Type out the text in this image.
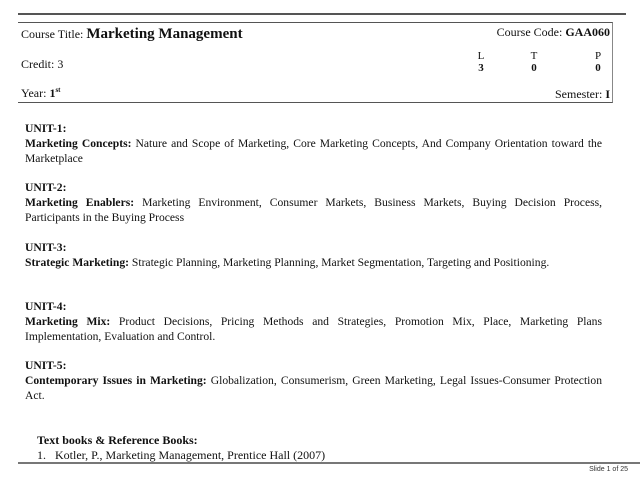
Course Title: Marketing Management	Course Code: GAA060
Credit: 3
L
3
T
0
P
0
Year: 1st	Semester: I
UNIT-1:
Marketing Concepts: Nature and Scope of Marketing, Core Marketing Concepts, And Company Orientation toward the Marketplace
UNIT-2:
Marketing Enablers: Marketing Environment, Consumer Markets, Business Markets, Buying Decision Process, Participants in the Buying Process
UNIT-3:
Strategic Marketing: Strategic Planning, Marketing Planning, Market Segmentation, Targeting and Positioning.
UNIT-4:
Marketing Mix: Product Decisions, Pricing Methods and Strategies, Promotion Mix, Place, Marketing Plans Implementation, Evaluation and Control.
UNIT-5:
Contemporary Issues in Marketing: Globalization, Consumerism, Green Marketing, Legal Issues-Consumer Protection Act.
Text books & Reference Books:
1.   Kotler, P., Marketing Management, Prentice Hall (2007)
Slide 1 of 25
